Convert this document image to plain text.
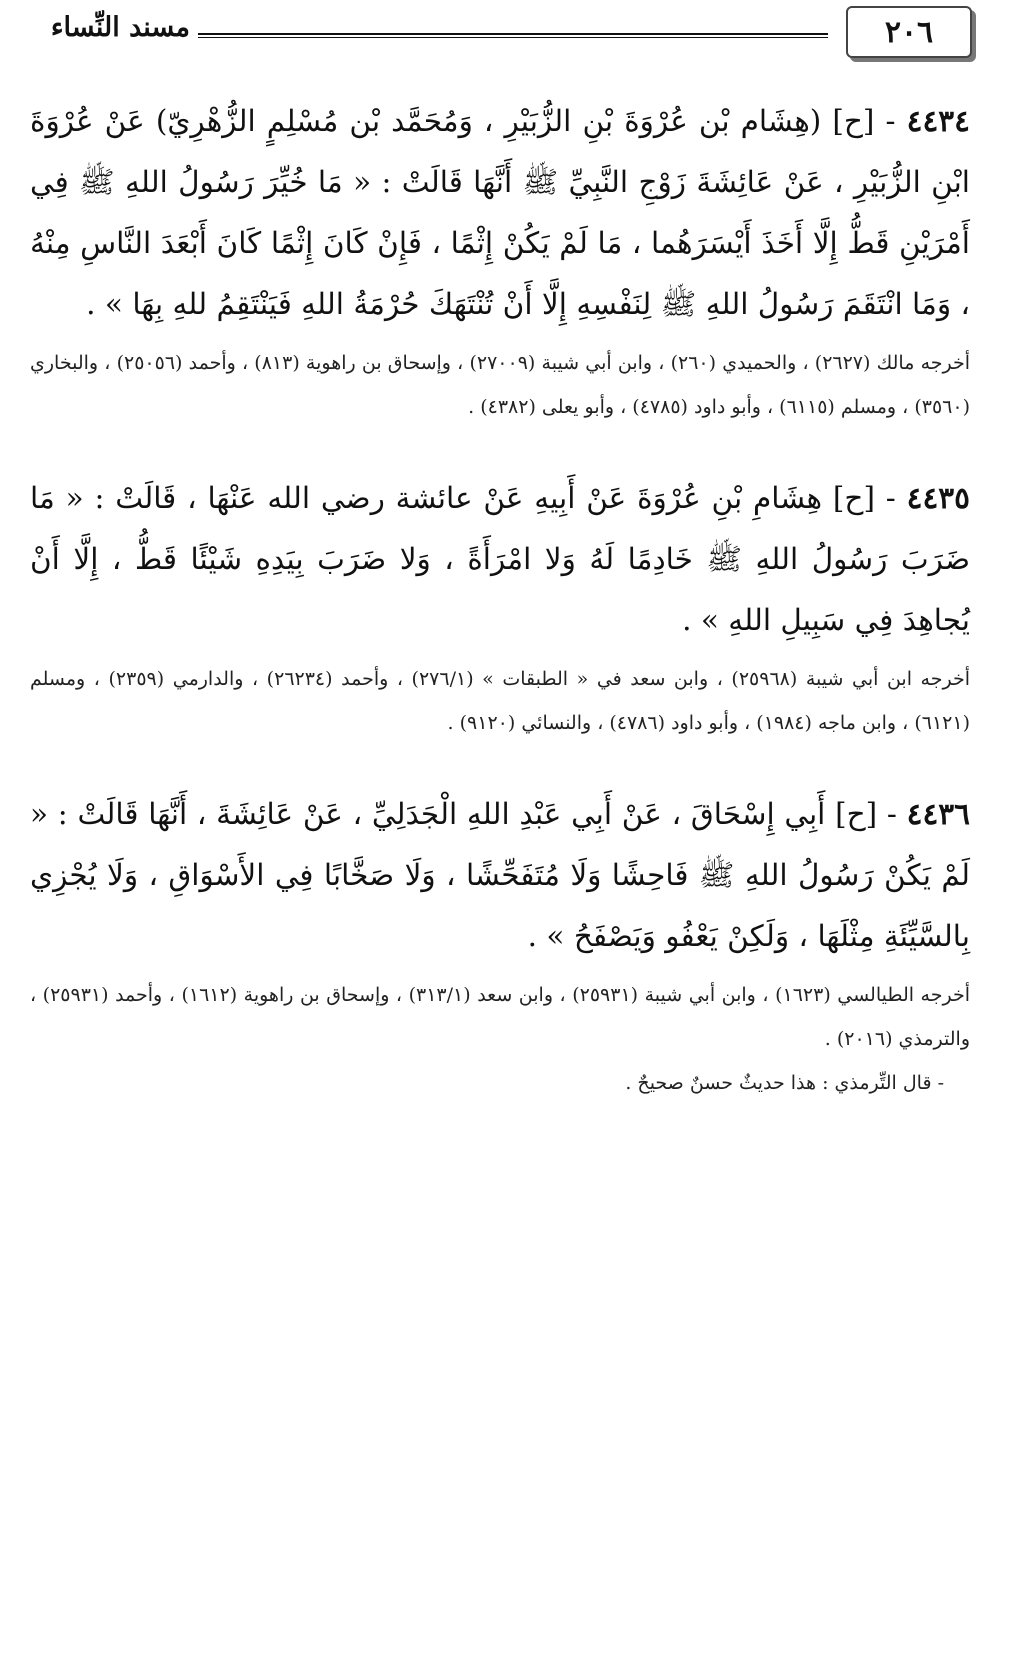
٢٠٦
مسند النِّساء

٤٤٣٤ - [ح] (هِشَام بْن عُرْوَةَ بْنِ الزُّبَيْرِ ، وَمُحَمَّد بْن مُسْلِمٍ الزُّهْرِيّ) عَنْ عُرْوَةَ ابْنِ الزُّبَيْرِ ، عَنْ عَائِشَةَ زَوْجِ النَّبِيِّ ﷺ أَنَّهَا قَالَتْ : « مَا خُيِّرَ رَسُولُ اللهِ ﷺ فِي أَمْرَيْنِ قَطُّ إِلَّا أَخَذَ أَيْسَرَهُما ، مَا لَمْ يَكُنْ إِثْمًا ، فَإِنْ كَانَ إِثْمًا كَانَ أَبْعَدَ النَّاسِ مِنْهُ ، وَمَا انْتَقَمَ رَسُولُ اللهِ ﷺ لِنَفْسِهِ إِلَّا أَنْ تُنْتَهَكَ حُرْمَةُ اللهِ فَيَنْتَقِمُ للهِ بِهَا » .

أخرجه مالك (٢٦٢٧) ، والحميدي (٢٦٠) ، وابن أبي شيبة (٢٧٠٠٩) ، وإسحاق بن راهوية (٨١٣) ، وأحمد (٢٥٠٥٦) ، والبخاري (٣٥٦٠) ، ومسلم (٦١١٥) ، وأبو داود (٤٧٨٥) ، وأبو يعلى (٤٣٨٢) .

٤٤٣٥ - [ح] هِشَامِ بْنِ عُرْوَةَ عَنْ أَبِيهِ عَنْ عائشة رضي الله عَنْهَا ، قَالَتْ : « مَا ضَرَبَ رَسُولُ اللهِ ﷺ خَادِمًا لَهُ وَلا امْرَأَةً ، وَلا ضَرَبَ بِيَدِهِ شَيْئًا قَطُّ ، إِلَّا أَنْ يُجاهِدَ فِي سَبِيلِ اللهِ » .

أخرجه ابن أبي شيبة (٢٥٩٦٨) ، وابن سعد في « الطبقات » (٢٧٦/١) ، وأحمد (٢٦٢٣٤) ، والدارمي (٢٣٥٩) ، ومسلم (٦١٢١) ، وابن ماجه (١٩٨٤) ، وأبو داود (٤٧٨٦) ، والنسائي (٩١٢٠) .

٤٤٣٦ - [ح] أَبِي إِسْحَاقَ ، عَنْ أَبِي عَبْدِ اللهِ الْجَدَلِيِّ ، عَنْ عَائِشَةَ ، أَنَّهَا قَالَتْ : « لَمْ يَكُنْ رَسُولُ اللهِ ﷺ فَاحِشًا وَلَا مُتَفَحِّشًا ، وَلَا صَخَّابًا فِي الأَسْوَاقِ ، وَلَا يُجْزِي بِالسَّيِّئَةِ مِثْلَهَا ، وَلَكِنْ يَعْفُو وَيَصْفَحُ » .

أخرجه الطيالسي (١٦٢٣) ، وابن أبي شيبة (٢٥٩٣١) ، وابن سعد (٣١٣/١) ، وإسحاق بن راهوية (١٦١٢) ، وأحمد (٢٥٩٣١) ، والترمذي (٢٠١٦) .

- قال التِّرمذي : هذا حديثٌ حسنٌ صحيحٌ .
